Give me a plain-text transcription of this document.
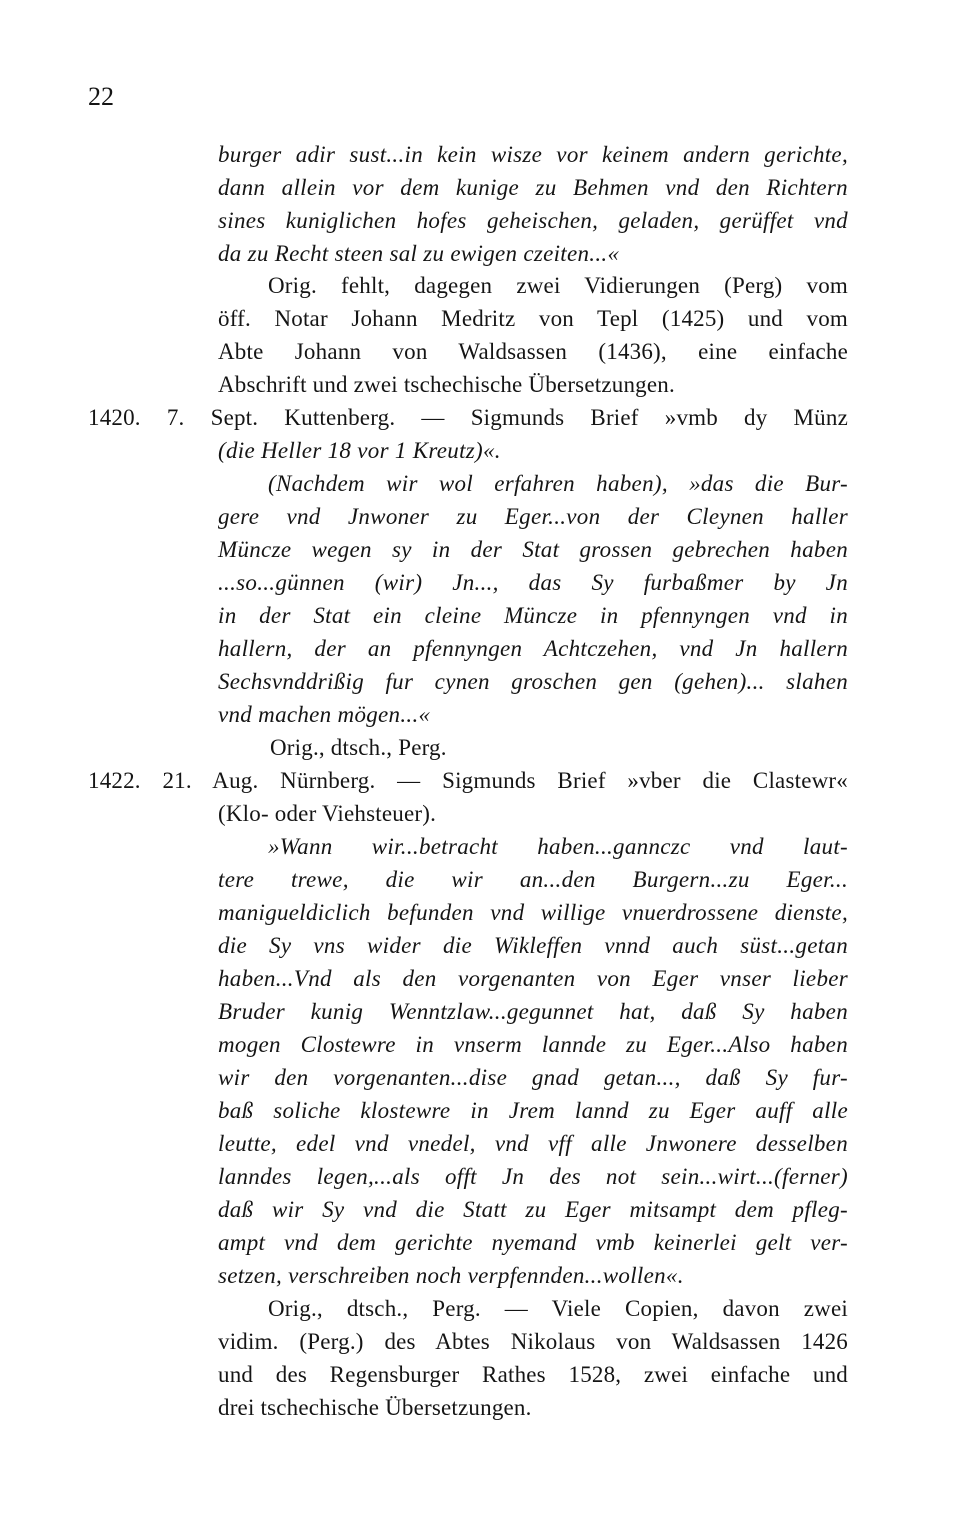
22
burger adir sust...in kein wisze vor keinem andern gerichte,
dann allein vor dem kunige zu Behmen vnd den Richtern
sines kuniglichen hofes geheischen, geladen, gerüffet vnd
da zu Recht steen sal zu ewigen czeiten...«
Orig. fehlt, dagegen zwei Vidierungen (Perg) vom
öff. Notar Johann Medritz von Tepl (1425) und vom
Abte Johann von Waldsassen (1436), eine einfache
Abschrift und zwei tschechische Übersetzungen.
1420. 7. Sept. Kuttenberg. — Sigmunds Brief »vmb dy Münz
(die Heller 18 vor 1 Kreutz)«.
(Nachdem wir wol erfahren haben), »das die Bur-
gere vnd Jnwoner zu Eger...von der Cleynen haller
Müncze wegen sy in der Stat grossen gebrechen haben
...so...günnen (wir) Jn..., das Sy furbaßmer by Jn
in der Stat ein cleine Müncze in pfennyngen vnd in
hallern, der an pfennyngen Achtczehen, vnd Jn hallern
Sechsvnddrißig fur cynen groschen gen (gehen)... slahen
vnd machen mögen...«
Orig., dtsch., Perg.
1422. 21. Aug. Nürnberg. — Sigmunds Brief »vber die Clastewr«
(Klo- oder Viehsteuer).
»Wann wir...betracht haben...gannczc vnd laut-
tere trewe, die wir an...den Burgern...zu Eger...
manigueldiclich befunden vnd willige vnuerdrossene dienste,
die Sy vns wider die Wikleffen vnnd auch süst...getan
haben...Vnd als den vorgenanten von Eger vnser lieber
Bruder kunig Wenntzlaw...gegunnet hat, daß Sy haben
mogen Clostewre in vnserm lannde zu Eger...Also haben
wir den vorgenanten...dise gnad getan..., daß Sy fur-
baß soliche klostewre in Jrem lannd zu Eger auff alle
leutte, edel vnd vnedel, vnd vff alle Jnwonere desselben
lanndes legen,...als offt Jn des not sein...wirt...(ferner)
daß wir Sy vnd die Statt zu Eger mitsampt dem pfleg-
ampt vnd dem gerichte nyemand vmb keinerlei gelt ver-
setzen, verschreiben noch verpfennden...wollen«.
Orig., dtsch., Perg. — Viele Copien, davon zwei
vidim. (Perg.) des Abtes Nikolaus von Waldsassen 1426
und des Regensburger Rathes 1528, zwei einfache und
drei tschechische Übersetzungen.
